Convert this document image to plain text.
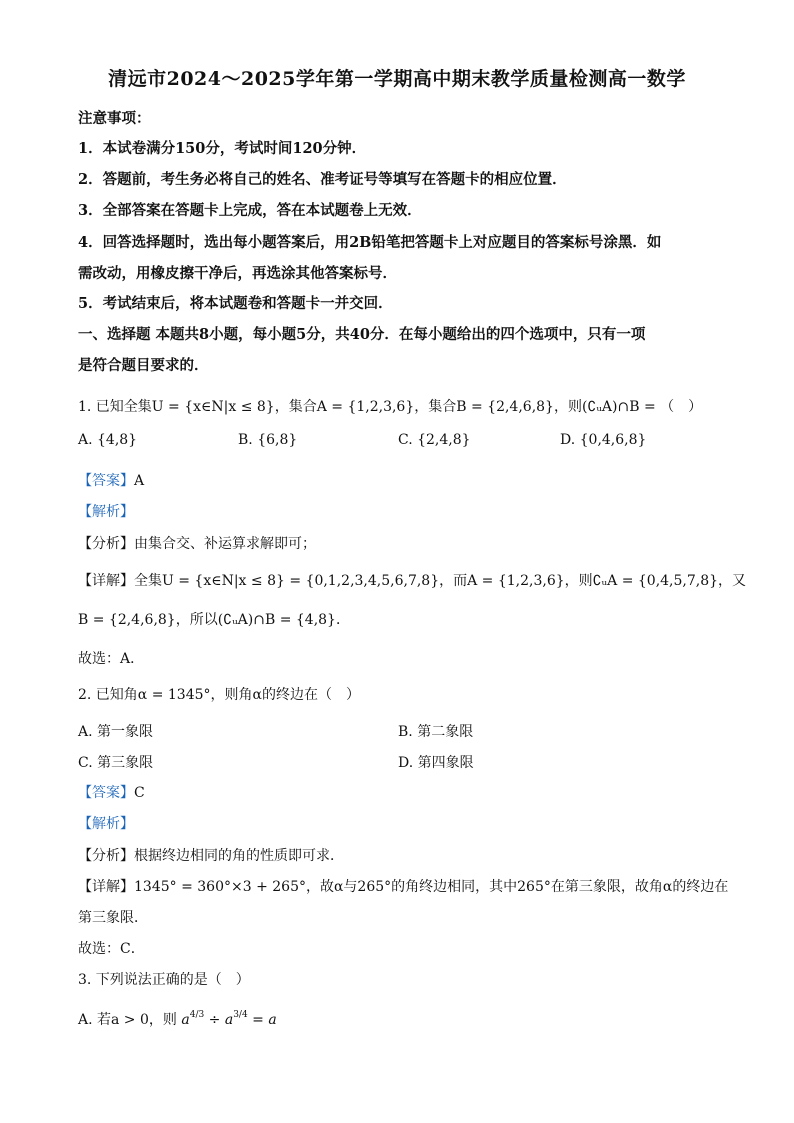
清远市2024～2025学年第一学期高中期末教学质量检测高一数学
注意事项：
1．本试卷满分150分，考试时间120分钟．
2．答题前，考生务必将自己的姓名、准考证号等填写在答题卡的相应位置．
3．全部答案在答题卡上完成，答在本试题卷上无效．
4．回答选择题时，选出每小题答案后，用2B铅笔把答题卡上对应题目的答案标号涂黑．如
需改动，用橡皮擦干净后，再选涂其他答案标号．
5．考试结束后，将本试题卷和答题卡一并交回．
一、选择题 本题共8小题，每小题5分，共40分．在每小题给出的四个选项中，只有一项
是符合题目要求的．
1. 已知全集U = {x∈N|x ≤ 8}，集合A = {1,2,3,6}，集合B = {2,4,6,8}，则(∁ᵤA)∩B = （　）
A. {4,8}	B. {6,8}	C. {2,4,8}	D. {0,4,6,8}
【答案】A
【解析】
【分析】由集合交、补运算求解即可；
【详解】全集U = {x∈N|x ≤ 8} = {0,1,2,3,4,5,6,7,8}，而A = {1,2,3,6}，则∁ᵤA = {0,4,5,7,8}，又
B = {2,4,6,8}，所以(∁ᵤA)∩B = {4,8}．
故选：A．
2. 已知角α = 1345°，则角α的终边在（　）
A. 第一象限	B. 第二象限
C. 第三象限	D. 第四象限
【答案】C
【解析】
【分析】根据终边相同的角的性质即可求．
【详解】1345° = 360°×3 + 265°，故α与265°的角终边相同，其中265°在第三象限，故角α的终边在
第三象限．
故选：C．
3. 下列说法正确的是（　）
A. 若a > 0，则 $a^{4/3} \div a^{3/4} = a$
